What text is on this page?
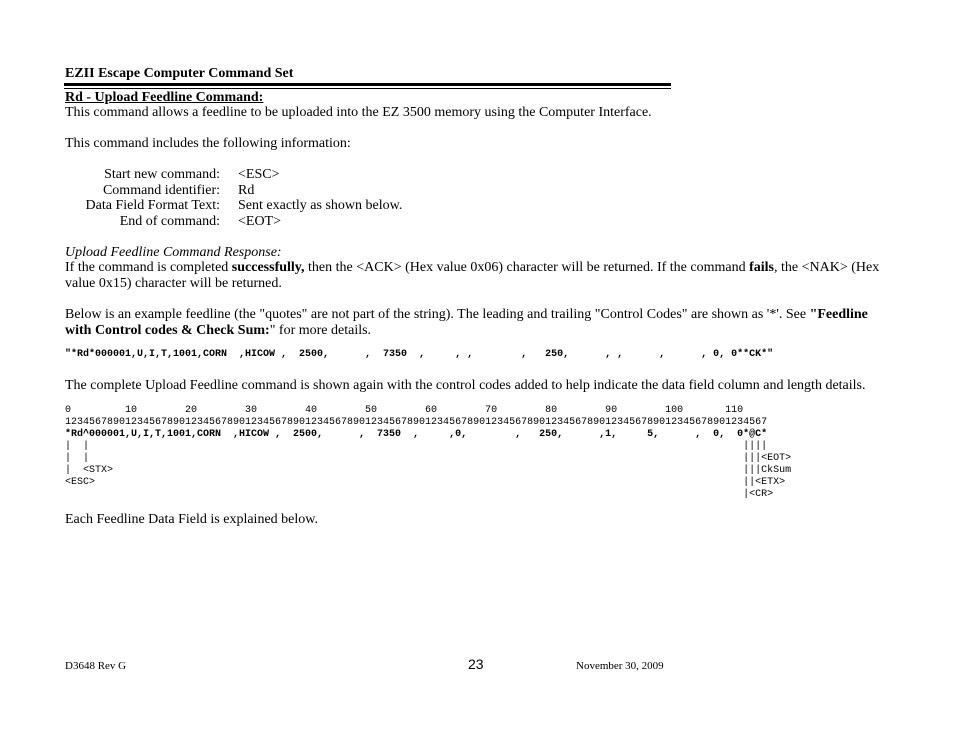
EZII Escape Computer Command Set
Rd - Upload Feedline Command:
This command allows a feedline to be uploaded into the EZ 3500 memory using the Computer Interface.
This command includes the following information:
Start new command: <ESC>
Command identifier: Rd
Data Field Format Text: Sent exactly as shown below.
End of command: <EOT>
Upload Feedline Command Response:
If the command is completed successfully, then the <ACK> (Hex value 0x06) character will be returned. If the command fails, the <NAK> (Hex value 0x15) character will be returned.
Below is an example feedline (the "quotes" are not part of the string). The leading and trailing "Control Codes" are shown as '*'. See "Feedline with Control codes & Check Sum:" for more details.
"*Rd*000001,U,I,T,1001,CORN  ,HICOW ,  2500,      ,  7350  ,     , ,        ,   250,      , ,      ,      , 0, 0**CK*"
The complete Upload Feedline command is shown again with the control codes added to help indicate the data field column and length details.
0         10        20        30        40        50        60        70        80        90        100       110
123456789012345678901234567890123456789012345678901234567890123456789012345678901234567890123456789012345678901234567
*Rd^000001,U,I,T,1001,CORN  ,HICOW ,  2500,      ,  7350  ,     ,0,        ,   250,      ,1,     5,      ,  0,  0*@C*
|  |                                                                                                             ||||
|  |                                                                                                             |||<EOT>
|  <STX>                                                                                                         |||CkSum
<ESC>                                                                                                            ||<ETX>
|<CR>
Each Feedline Data Field is explained below.
D3648 Rev G	23	November 30, 2009
